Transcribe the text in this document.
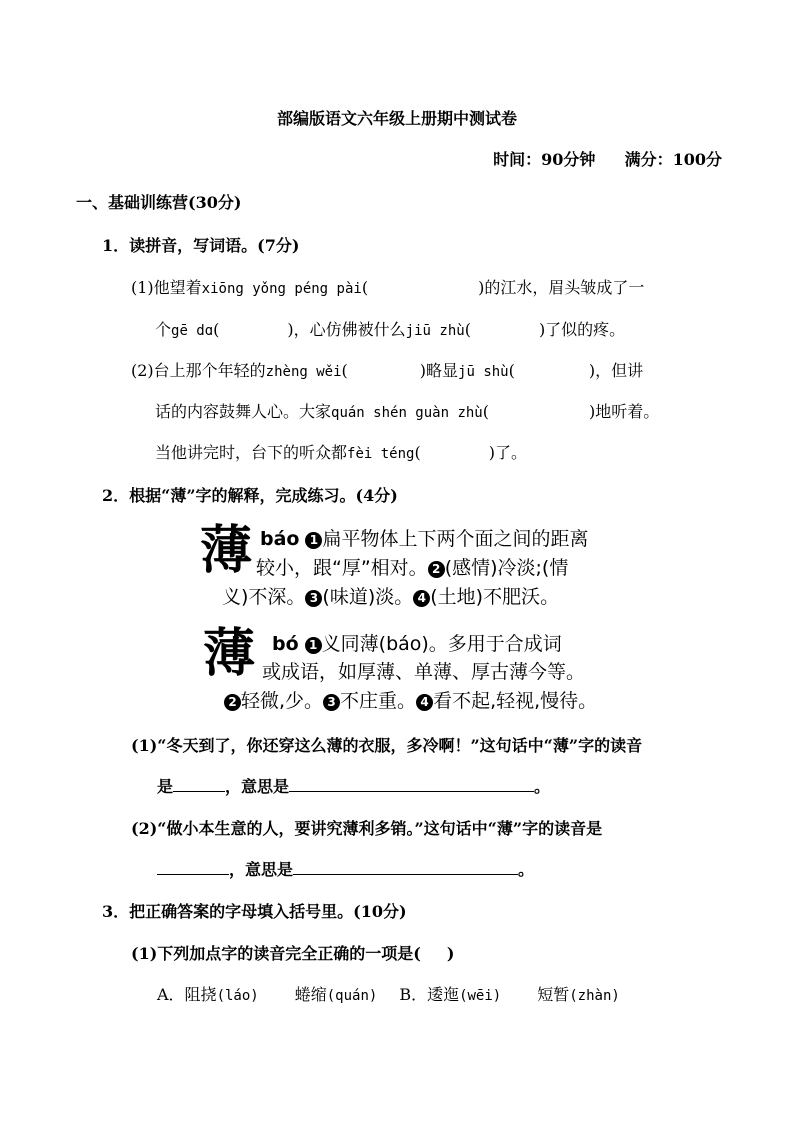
部编版语文六年级上册期中测试卷
时间：90分钟 满分：100分
一、基础训练营(30分)
1．读拼音，写词语。(7分)
(1)他望着xiōng yǒng péng pài(	)的江水，眉头皱成了一
个gē dɑ(	)，心仿佛被什么jiū zhù(	)了似的疼。
(2)台上那个年轻的zhèng wěi(	)略显jū shù(	)，但讲
话的内容鼓舞人心。大家quán shén guàn zhù(	)地听着。
当他讲完时，台下的听众都fèi téng(	)了。
2．根据“薄”字的解释，完成练习。(4分)
薄 báo 1 扁平物体上下两个面之间的距离
较小，跟“厚”相对。 2 (感情)冷淡;(情
义)不深。 3 (味道)淡。 4 (土地)不肥沃。
薄 bó 1 义同薄(báo)。多用于合成词
或成语，如厚薄、单薄、厚古薄今等。
2 轻微,少。 3 不庄重。 4 看不起,轻视,慢待。
(1)“冬天到了，你还穿这么薄的衣服，多冷啊！”这句话中“薄”字的读音
是	，意思是	。
(2)“做小本生意的人，要讲究薄利多销。”这句话中“薄”字的读音是
，意思是	。
3．把正确答案的字母填入括号里。(10分)
(1)下列加点字的读音完全正确的一项是( )
A．阻挠(láo) 蜷缩(quán) B．逶迤(wēi) 短暂(zhàn)
